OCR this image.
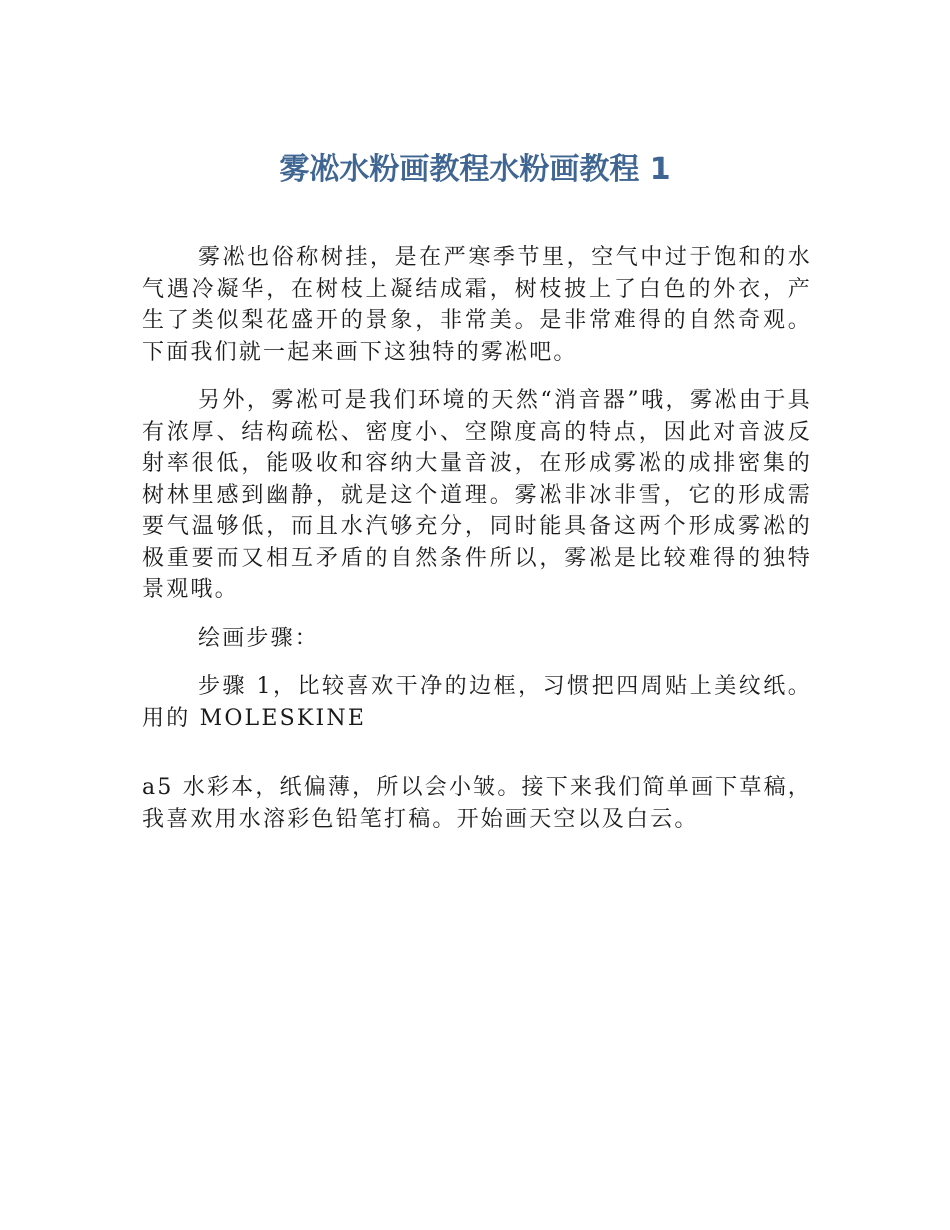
雾凇水粉画教程水粉画教程 1

雾凇也俗称树挂，是在严寒季节里，空气中过于饱和的水气遇冷凝华，在树枝上凝结成霜，树枝披上了白色的外衣，产生了类似梨花盛开的景象，非常美。是非常难得的自然奇观。下面我们就一起来画下这独特的雾凇吧。

另外，雾凇可是我们环境的天然“消音器”哦，雾凇由于具有浓厚、结构疏松、密度小、空隙度高的特点，因此对音波反射率很低，能吸收和容纳大量音波，在形成雾凇的成排密集的树林里感到幽静，就是这个道理。雾凇非冰非雪，它的形成需要气温够低，而且水汽够充分，同时能具备这两个形成雾凇的极重要而又相互矛盾的自然条件所以，雾凇是比较难得的独特景观哦。

绘画步骤：

步骤 1，比较喜欢干净的边框，习惯把四周贴上美纹纸。用的 MOLESKINE

a5 水彩本，纸偏薄，所以会小皱。接下来我们简单画下草稿，我喜欢用水溶彩色铅笔打稿。开始画天空以及白云。
